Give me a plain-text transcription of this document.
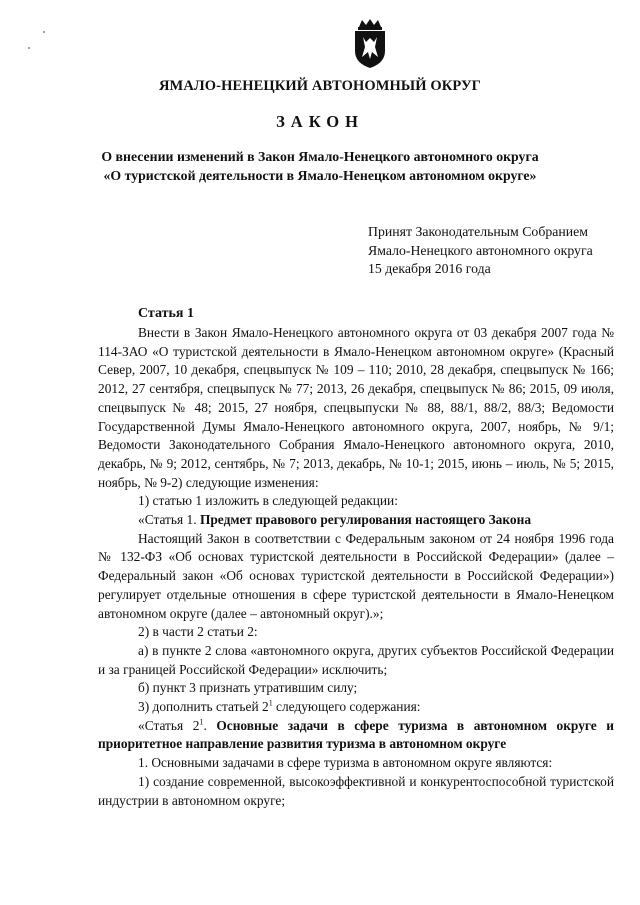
ЯМАЛО-НЕНЕЦКИЙ АВТОНОМНЫЙ ОКРУГ
ЗАКОН
О внесении изменений в Закон Ямало-Ненецкого автономного округа
«О туристской деятельности в Ямало-Ненецком автономном округе»
Принят Законодательным Собранием
Ямало-Ненецкого автономного округа
15 декабря 2016 года
Статья 1

Внести в Закон Ямало-Ненецкого автономного округа от 03 декабря 2007 года № 114-ЗАО «О туристской деятельности в Ямало-Ненецком автономном округе» (Красный Север, 2007, 10 декабря, спецвыпуск № 109 – 110; 2010, 28 декабря, спецвыпуск № 166; 2012, 27 сентября, спецвыпуск № 77; 2013, 26 декабря, спецвыпуск № 86; 2015, 09 июля, спецвыпуск № 48; 2015, 27 ноября, спецвыпуски № 88, 88/1, 88/2, 88/3; Ведомости Государственной Думы Ямало-Ненецкого автономного округа, 2007, ноябрь, № 9/1; Ведомости Законодательного Собрания Ямало-Ненецкого автономного округа, 2010, декабрь, № 9; 2012, сентябрь, № 7; 2013, декабрь, № 10-1; 2015, июнь – июль, № 5; 2015, ноябрь, № 9-2) следующие изменения:

1) статью 1 изложить в следующей редакции:

«Статья 1. Предмет правового регулирования настоящего Закона

Настоящий Закон в соответствии с Федеральным законом от 24 ноября 1996 года № 132-ФЗ «Об основах туристской деятельности в Российской Федерации» (далее – Федеральный закон «Об основах туристской деятельности в Российской Федерации») регулирует отдельные отношения в сфере туристской деятельности в Ямало-Ненецком автономном округе (далее – автономный округ).»;

2) в части 2 статьи 2:

а) в пункте 2 слова «автономного округа, других субъектов Российской Федерации и за границей Российской Федерации» исключить;

б) пункт 3 признать утратившим силу;

3) дополнить статьей $2^1$ следующего содержания:

«Статья $2^1$. Основные задачи в сфере туризма в автономном округе и приоритетное направление развития туризма в автономном округе

1. Основными задачами в сфере туризма в автономном округе являются:

1) создание современной, высокоэффективной и конкурентоспособной туристской индустрии в автономном округе;
